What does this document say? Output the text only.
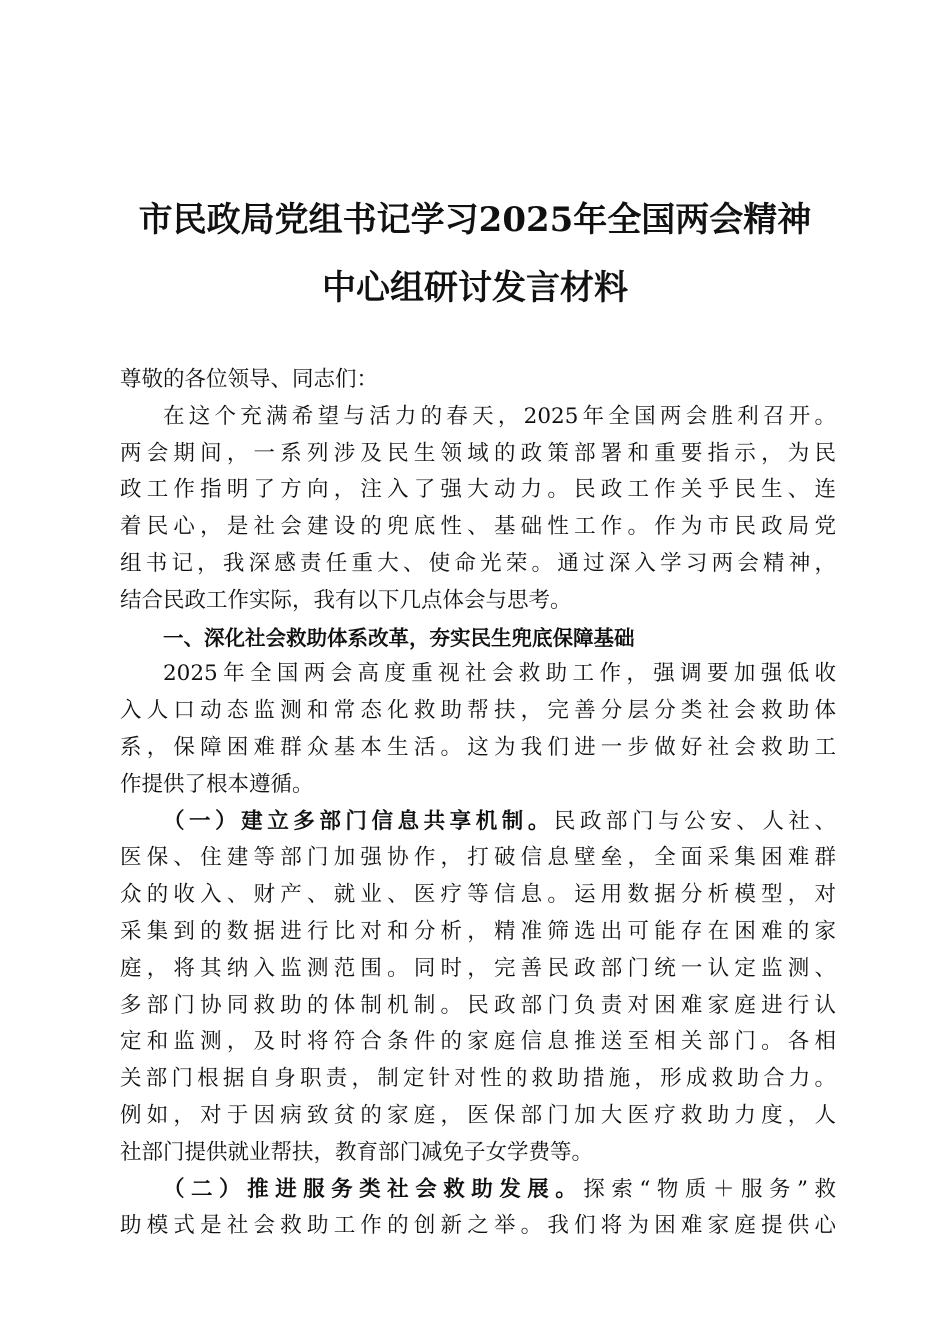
市民政局党组书记学习2025年全国两会精神
中心组研讨发言材料
尊敬的各位领导、同志们：
在这个充满希望与活力的春天，2025年全国两会胜利召开。
两会期间，一系列涉及民生领域的政策部署和重要指示，为民
政工作指明了方向，注入了强大动力。民政工作关乎民生、连
着民心，是社会建设的兜底性、基础性工作。作为市民政局党
组书记，我深感责任重大、使命光荣。通过深入学习两会精神，
结合民政工作实际，我有以下几点体会与思考。
一、深化社会救助体系改革，夯实民生兜底保障基础
2025年全国两会高度重视社会救助工作，强调要加强低收
入人口动态监测和常态化救助帮扶，完善分层分类社会救助体
系，保障困难群众基本生活。这为我们进一步做好社会救助工
作提供了根本遵循。
（一）建立多部门信息共享机制。民政部门与公安、人社、
医保、住建等部门加强协作，打破信息壁垒，全面采集困难群
众的收入、财产、就业、医疗等信息。运用数据分析模型，对
采集到的数据进行比对和分析，精准筛选出可能存在困难的家
庭，将其纳入监测范围。同时，完善民政部门统一认定监测、
多部门协同救助的体制机制。民政部门负责对困难家庭进行认
定和监测，及时将符合条件的家庭信息推送至相关部门。各相
关部门根据自身职责，制定针对性的救助措施，形成救助合力。
例如，对于因病致贫的家庭，医保部门加大医疗救助力度，人
社部门提供就业帮扶，教育部门减免子女学费等。
（二）推进服务类社会救助发展。探索“物质＋服务”救
助模式是社会救助工作的创新之举。我们将为困难家庭提供心
